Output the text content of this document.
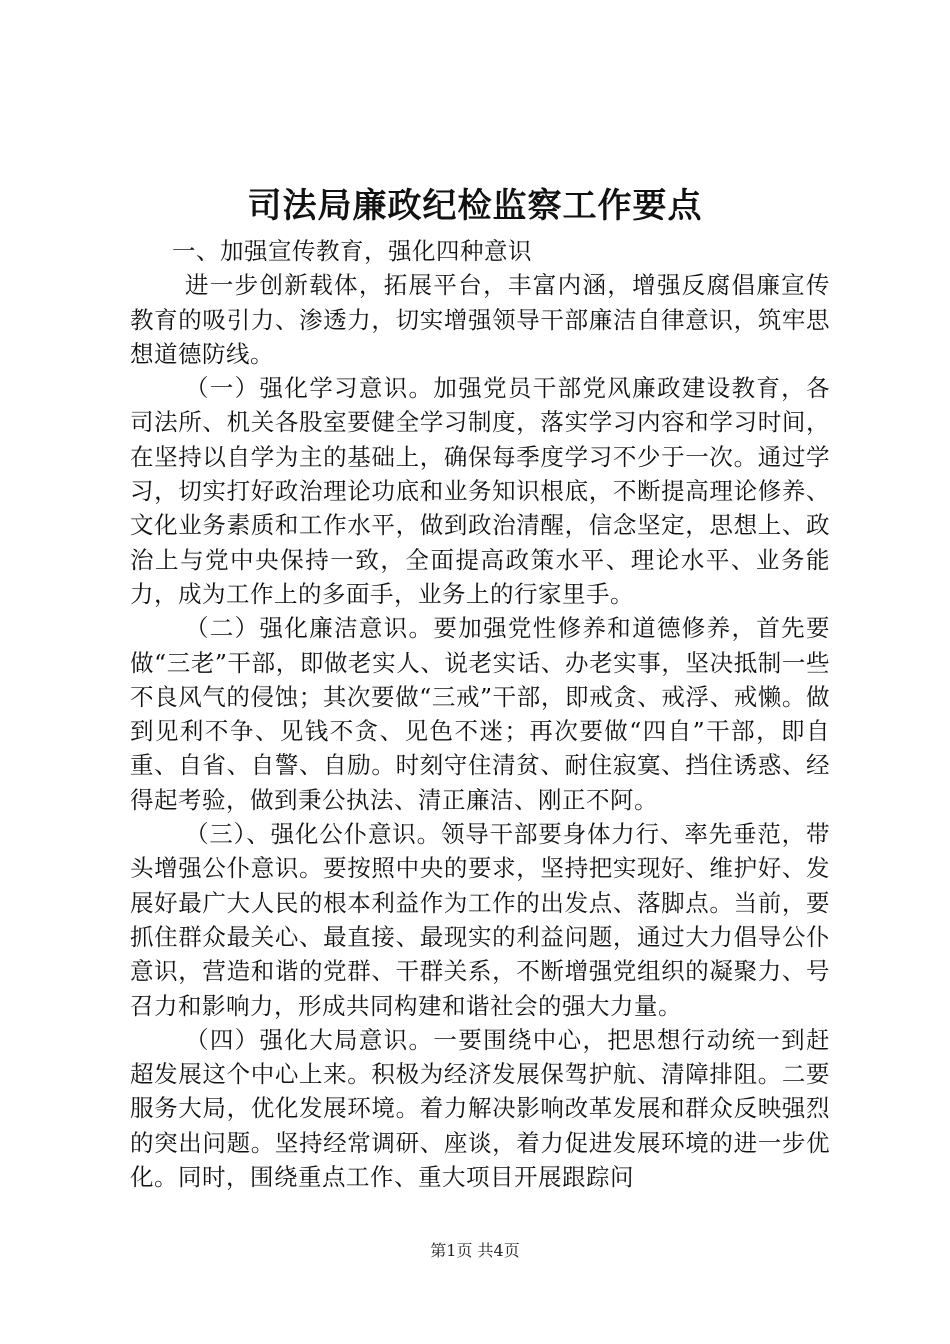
司法局廉政纪检监察工作要点

一、加强宣传教育，强化四种意识

进一步创新载体，拓展平台，丰富内涵，增强反腐倡廉宣传教育的吸引力、渗透力，切实增强领导干部廉洁自律意识，筑牢思想道德防线。

（一）强化学习意识。加强党员干部党风廉政建设教育，各司法所、机关各股室要健全学习制度，落实学习内容和学习时间，在坚持以自学为主的基础上，确保每季度学习不少于一次。通过学习，切实打好政治理论功底和业务知识根底，不断提高理论修养、文化业务素质和工作水平，做到政治清醒，信念坚定，思想上、政治上与党中央保持一致，全面提高政策水平、理论水平、业务能力，成为工作上的多面手，业务上的行家里手。

（二）强化廉洁意识。要加强党性修养和道德修养，首先要做“三老”干部，即做老实人、说老实话、办老实事，坚决抵制一些不良风气的侵蚀；其次要做“三戒”干部，即戒贪、戒浮、戒懒。做到见利不争、见钱不贪、见色不迷；再次要做“四自”干部，即自重、自省、自警、自励。时刻守住清贫、耐住寂寞、挡住诱惑、经得起考验，做到秉公执法、清正廉洁、刚正不阿。

（三）、强化公仆意识。领导干部要身体力行、率先垂范，带头增强公仆意识。要按照中央的要求，坚持把实现好、维护好、发展好最广大人民的根本利益作为工作的出发点、落脚点。当前，要抓住群众最关心、最直接、最现实的利益问题，通过大力倡导公仆意识，营造和谐的党群、干群关系，不断增强党组织的凝聚力、号召力和影响力，形成共同构建和谐社会的强大力量。

（四）强化大局意识。一要围绕中心，把思想行动统一到赶超发展这个中心上来。积极为经济发展保驾护航、清障排阻。二要服务大局，优化发展环境。着力解决影响改革发展和群众反映强烈的突出问题。坚持经常调研、座谈，着力促进发展环境的进一步优化。同时，围绕重点工作、重大项目开展跟踪问

第1页 共4页
